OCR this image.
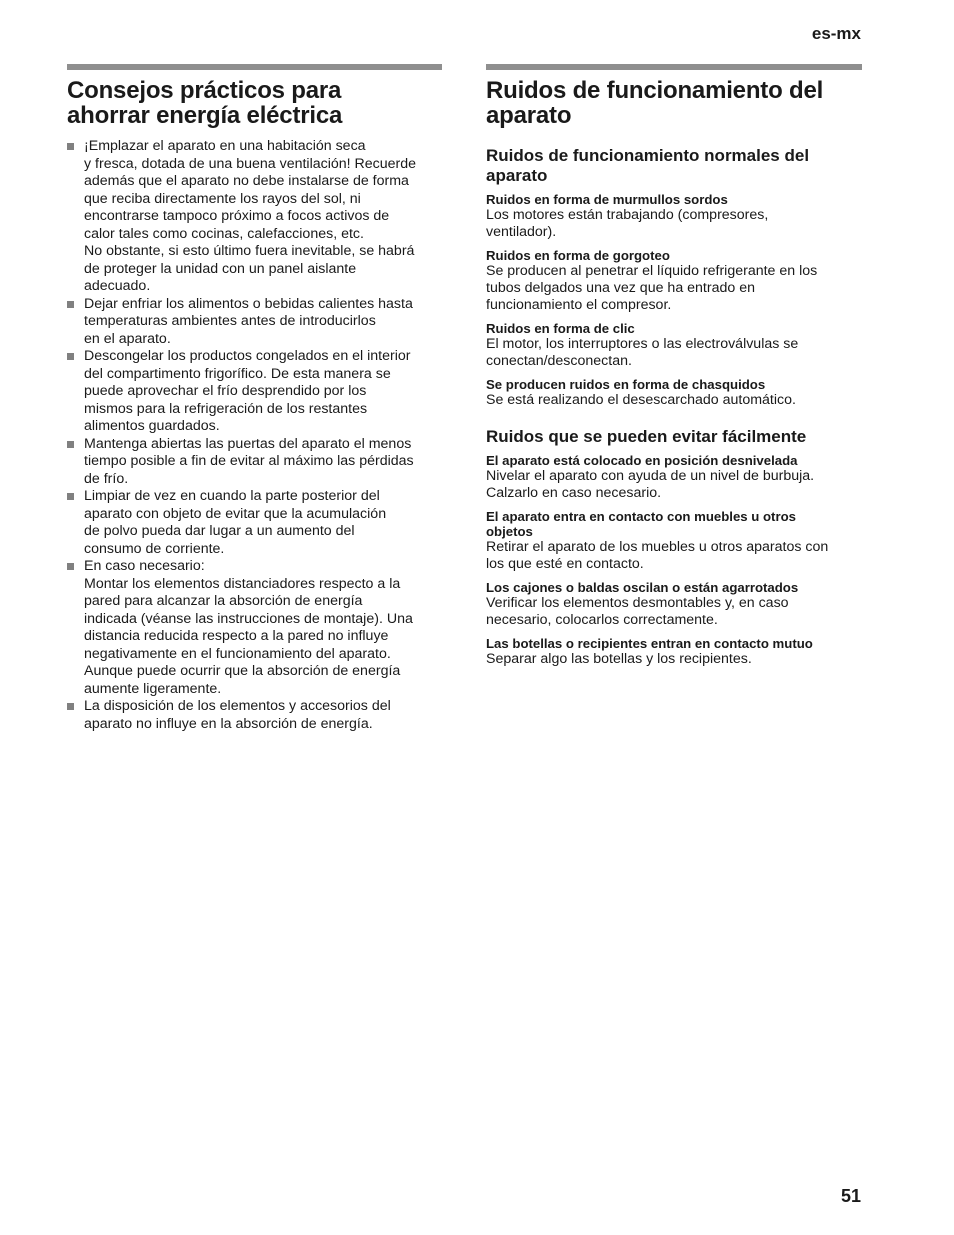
es-mx
Consejos prácticos para
ahorrar energía eléctrica

¡Emplazar el aparato en una habitación seca
y fresca, dotada de una buena ventilación! Recuerde
además que el aparato no debe instalarse de forma
que reciba directamente los rayos del sol, ni
encontrarse tampoco próximo a focos activos de
calor tales como cocinas, calefacciones, etc.
No obstante, si esto último fuera inevitable, se habrá
de proteger la unidad con un panel aislante
adecuado.

Dejar enfriar los alimentos o bebidas calientes hasta
temperaturas ambientes antes de introducirlos
en el aparato.

Descongelar los productos congelados en el interior
del compartimento frigorífico. De esta manera se
puede aprovechar el frío desprendido por los
mismos para la refrigeración de los restantes
alimentos guardados.

Mantenga abiertas las puertas del aparato el menos
tiempo posible a fin de evitar al máximo las pérdidas
de frío.

Limpiar de vez en cuando la parte posterior del
aparato con objeto de evitar que la acumulación
de polvo pueda dar lugar a un aumento del
consumo de corriente.

En caso necesario:
Montar los elementos distanciadores respecto a la
pared para alcanzar la absorción de energía
indicada (véanse las instrucciones de montaje). Una
distancia reducida respecto a la pared no influye
negativamente en el funcionamiento del aparato.
Aunque puede ocurrir que la absorción de energía
aumente ligeramente.

La disposición de los elementos y accesorios del
aparato no influye en la absorción de energía.

Ruidos de funcionamiento del
aparato
Ruidos de funcionamiento normales del
aparato

Ruidos en forma de murmullos sordos

Los motores están trabajando (compresores,
ventilador).

Ruidos en forma de gorgoteo

Se producen al penetrar el líquido refrigerante en los
tubos delgados una vez que ha entrado en
funcionamiento el compresor.

Ruidos en forma de clic

El motor, los interruptores o las electroválvulas se
conectan/desconectan.

Se producen ruidos en forma de chasquidos

Se está realizando el desescarchado automático.

Ruidos que se pueden evitar fácilmente

El aparato está colocado en posición desnivelada

Nivelar el aparato con ayuda de un nivel de burbuja.
Calzarlo en caso necesario.

El aparato entra en contacto con muebles u otros
objetos

Retirar el aparato de los muebles u otros aparatos con
los que esté en contacto.

Los cajones o baldas oscilan o están agarrotados

Verificar los elementos desmontables y, en caso
necesario, colocarlos correctamente.

Las botellas o recipientes entran en contacto mutuo

Separar algo las botellas y los recipientes.

51
